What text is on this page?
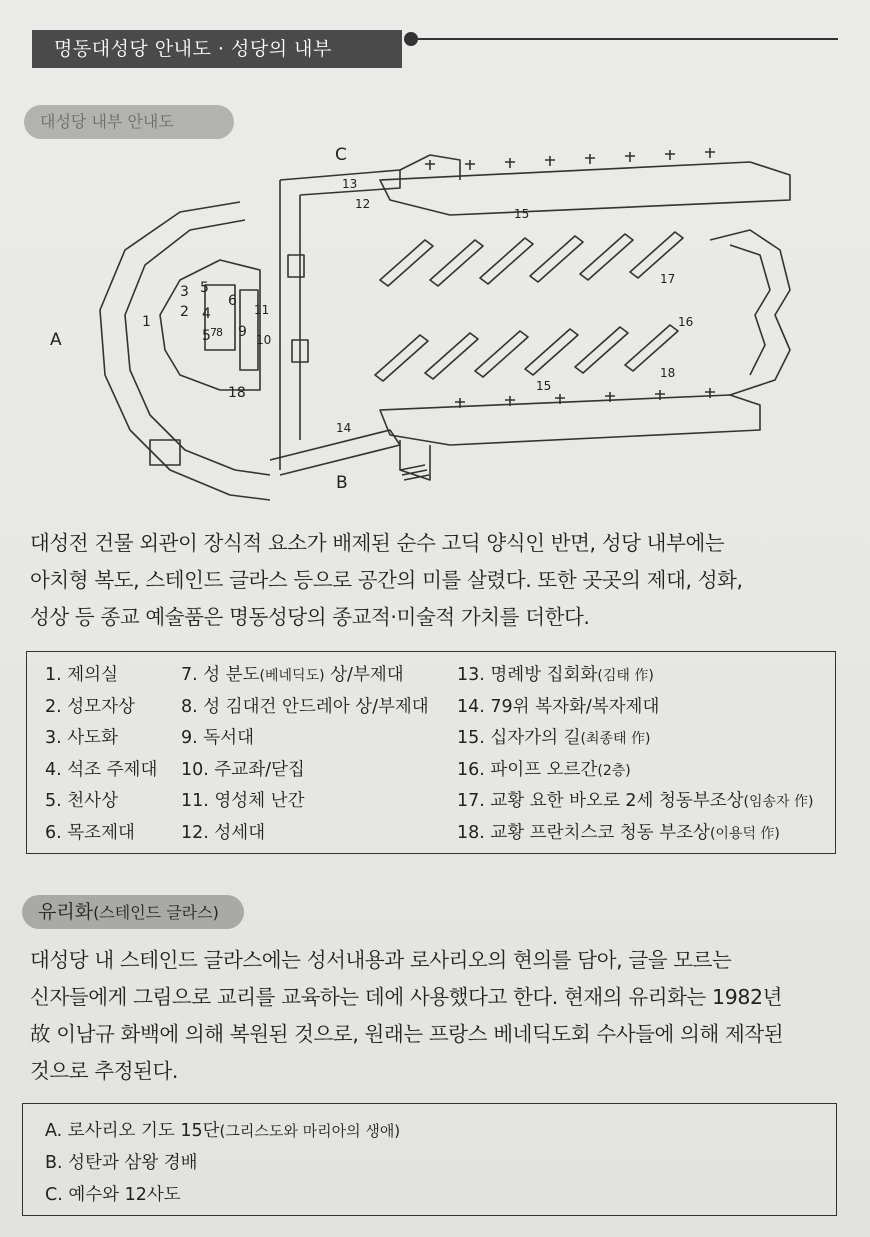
명동대성당 안내도 · 성당의 내부
대성당 내부 안내도
A
B
C
1
2
3
4
5
5
6
7 8 9 10
11
12
13
14
15
15
16
17
18
18
대성전 건물 외관이 장식적 요소가 배제된 순수 고딕 양식인 반면, 성당 내부에는
아치형 복도, 스테인드 글라스 등으로 공간의 미를 살렸다. 또한 곳곳의 제대, 성화,
성상 등 종교 예술품은 명동성당의 종교적·미술적 가치를 더한다.
1. 제의실
2. 성모자상
3. 사도화
4. 석조 주제대
5. 천사상
6. 목조제대
7. 성 분도(베네딕도) 상/부제대
8. 성 김대건 안드레아 상/부제대
9. 독서대
10. 주교좌/닫집
11. 영성체 난간
12. 성세대
13. 명례방 집회화(김태 作)
14. 79위 복자화/복자제대
15. 십자가의 길(최종태 作)
16. 파이프 오르간(2층)
17. 교황 요한 바오로 2세 청동부조상(임송자 作)
18. 교황 프란치스코 청동 부조상(이용덕 作)
유리화(스테인드 글라스)
대성당 내 스테인드 글라스에는 성서내용과 로사리오의 현의를 담아, 글을 모르는
신자들에게 그림으로 교리를 교육하는 데에 사용했다고 한다. 현재의 유리화는 1982년
故 이남규 화백에 의해 복원된 것으로, 원래는 프랑스 베네딕도회 수사들에 의해 제작된
것으로 추정된다.
A. 로사리오 기도 15단(그리스도와 마리아의 생애)
B. 성탄과 삼왕 경배
C. 예수와 12사도
